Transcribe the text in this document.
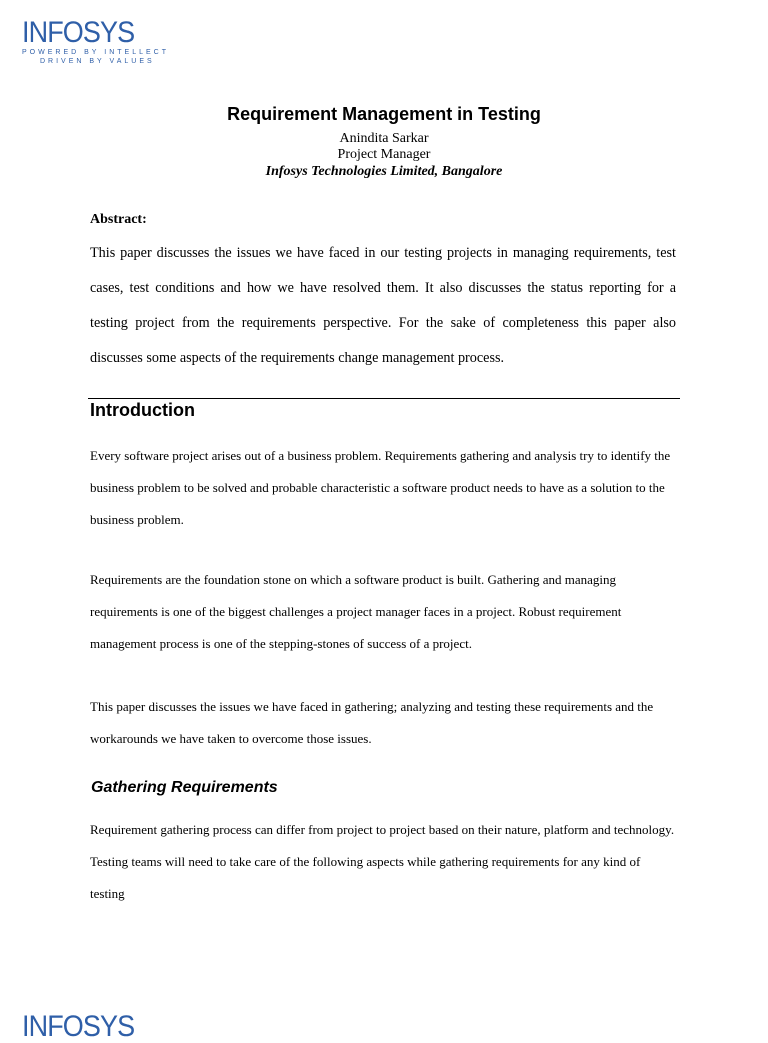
INFOSYS
POWERED BY INTELLECT
DRIVEN BY VALUES
Requirement Management in Testing
Anindita Sarkar
Project Manager
Infosys Technologies Limited, Bangalore
Abstract:
This paper discusses the issues we have faced in our testing projects in managing requirements, test cases, test conditions and how we have resolved them. It also discusses the status reporting for a testing project from the requirements perspective. For the sake of completeness this paper also discusses some aspects of the requirements change management process.
Introduction
Every software project arises out of a business problem. Requirements gathering and analysis try to identify the business problem to be solved and probable characteristic a software product needs to have as a solution to the business problem.
Requirements are the foundation stone on which a software product is built. Gathering and managing requirements is one of the biggest challenges a project manager faces in a project. Robust requirement management process is one of the stepping-stones of success of a project.
This paper discusses the issues we have faced in gathering; analyzing and testing these requirements and the workarounds we have taken to overcome those issues.
Gathering Requirements
Requirement gathering process can differ from project to project based on their nature, platform and technology. Testing teams will need to take care of the following aspects while gathering requirements for any kind of testing
INFOSYS
